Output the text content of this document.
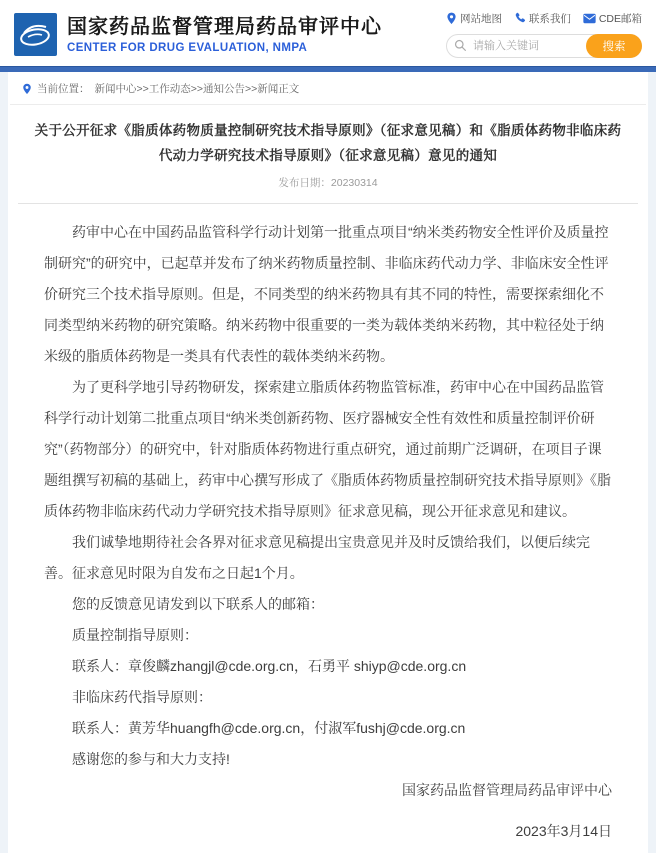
国家药品监督管理局药品审评中心
CENTER FOR DRUG EVALUATION, NMPA
网站地图	联系我们	CDE邮箱
请输入关键词
搜索
当前位置： 新闻中心>>工作动态>>通知公告>>新闻正文
关于公开征求《脂质体药物质量控制研究技术指导原则》（征求意见稿）和《脂质体药物非临床药代动力学研究技术指导原则》（征求意见稿）意见的通知
发布日期：20230314

药审中心在中国药品监管科学行动计划第一批重点项目“纳米类药物安全性评价及质量控制研究”的研究中，已起草并发布了纳米药物质量控制、非临床药代动力学、非临床安全性评价研究三个技术指导原则。但是，不同类型的纳米药物具有其不同的特性，需要探索细化不同类型纳米药物的研究策略。纳米药物中很重要的一类为载体类纳米药物，其中粒径处于纳米级的脂质体药物是一类具有代表性的载体类纳米药物。

为了更科学地引导药物研发，探索建立脂质体药物监管标准，药审中心在中国药品监管科学行动计划第二批重点项目“纳米类创新药物、医疗器械安全性有效性和质量控制评价研究”（药物部分）的研究中，针对脂质体药物进行重点研究，通过前期广泛调研，在项目子课题组撰写初稿的基础上，药审中心撰写形成了《脂质体药物质量控制研究技术指导原则》《脂质体药物非临床药代动力学研究技术指导原则》征求意见稿，现公开征求意见和建议。

我们诚挚地期待社会各界对征求意见稿提出宝贵意见并及时反馈给我们，以便后续完善。征求意见时限为自发布之日起1个月。

您的反馈意见请发到以下联系人的邮箱：

质量控制指导原则：

联系人：章俊麟zhangjl@cde.org.cn，石勇平 shiyp@cde.org.cn

非临床药代指导原则：

联系人：黄芳华huangfh@cde.org.cn，付淑军fushj@cde.org.cn

感谢您的参与和大力支持!

国家药品监督管理局药品审评中心

2023年3月14日
